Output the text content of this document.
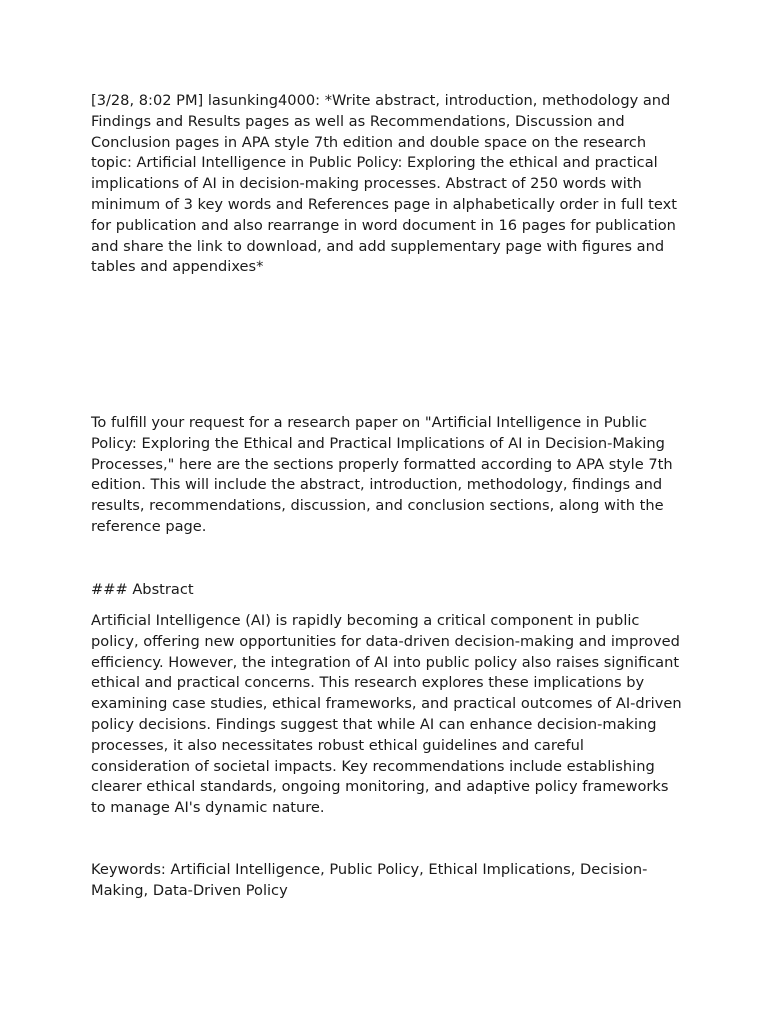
[3/28, 8:02 PM] lasunking4000: *Write abstract, introduction, methodology and Findings and Results pages as well as Recommendations, Discussion and Conclusion pages in APA style 7th edition and double space on the research topic: Artificial Intelligence in Public Policy: Exploring the ethical and practical implications of AI in decision-making processes. Abstract of 250 words with minimum of 3 key words and References page in alphabetically order in full text for publication and also rearrange in word document in 16 pages for publication and share the link to download, and add supplementary page with figures and tables and appendixes*

To fulfill your request for a research paper on "Artificial Intelligence in Public Policy: Exploring the Ethical and Practical Implications of AI in Decision-Making Processes," here are the sections properly formatted according to APA style 7th edition. This will include the abstract, introduction, methodology, findings and results, recommendations, discussion, and conclusion sections, along with the reference page.

### Abstract

Artificial Intelligence (AI) is rapidly becoming a critical component in public policy, offering new opportunities for data-driven decision-making and improved efficiency. However, the integration of AI into public policy also raises significant ethical and practical concerns. This research explores these implications by examining case studies, ethical frameworks, and practical outcomes of AI-driven policy decisions. Findings suggest that while AI can enhance decision-making processes, it also necessitates robust ethical guidelines and careful consideration of societal impacts. Key recommendations include establishing clearer ethical standards, ongoing monitoring, and adaptive policy frameworks to manage AI's dynamic nature.

Keywords: Artificial Intelligence, Public Policy, Ethical Implications, Decision-Making, Data-Driven Policy
